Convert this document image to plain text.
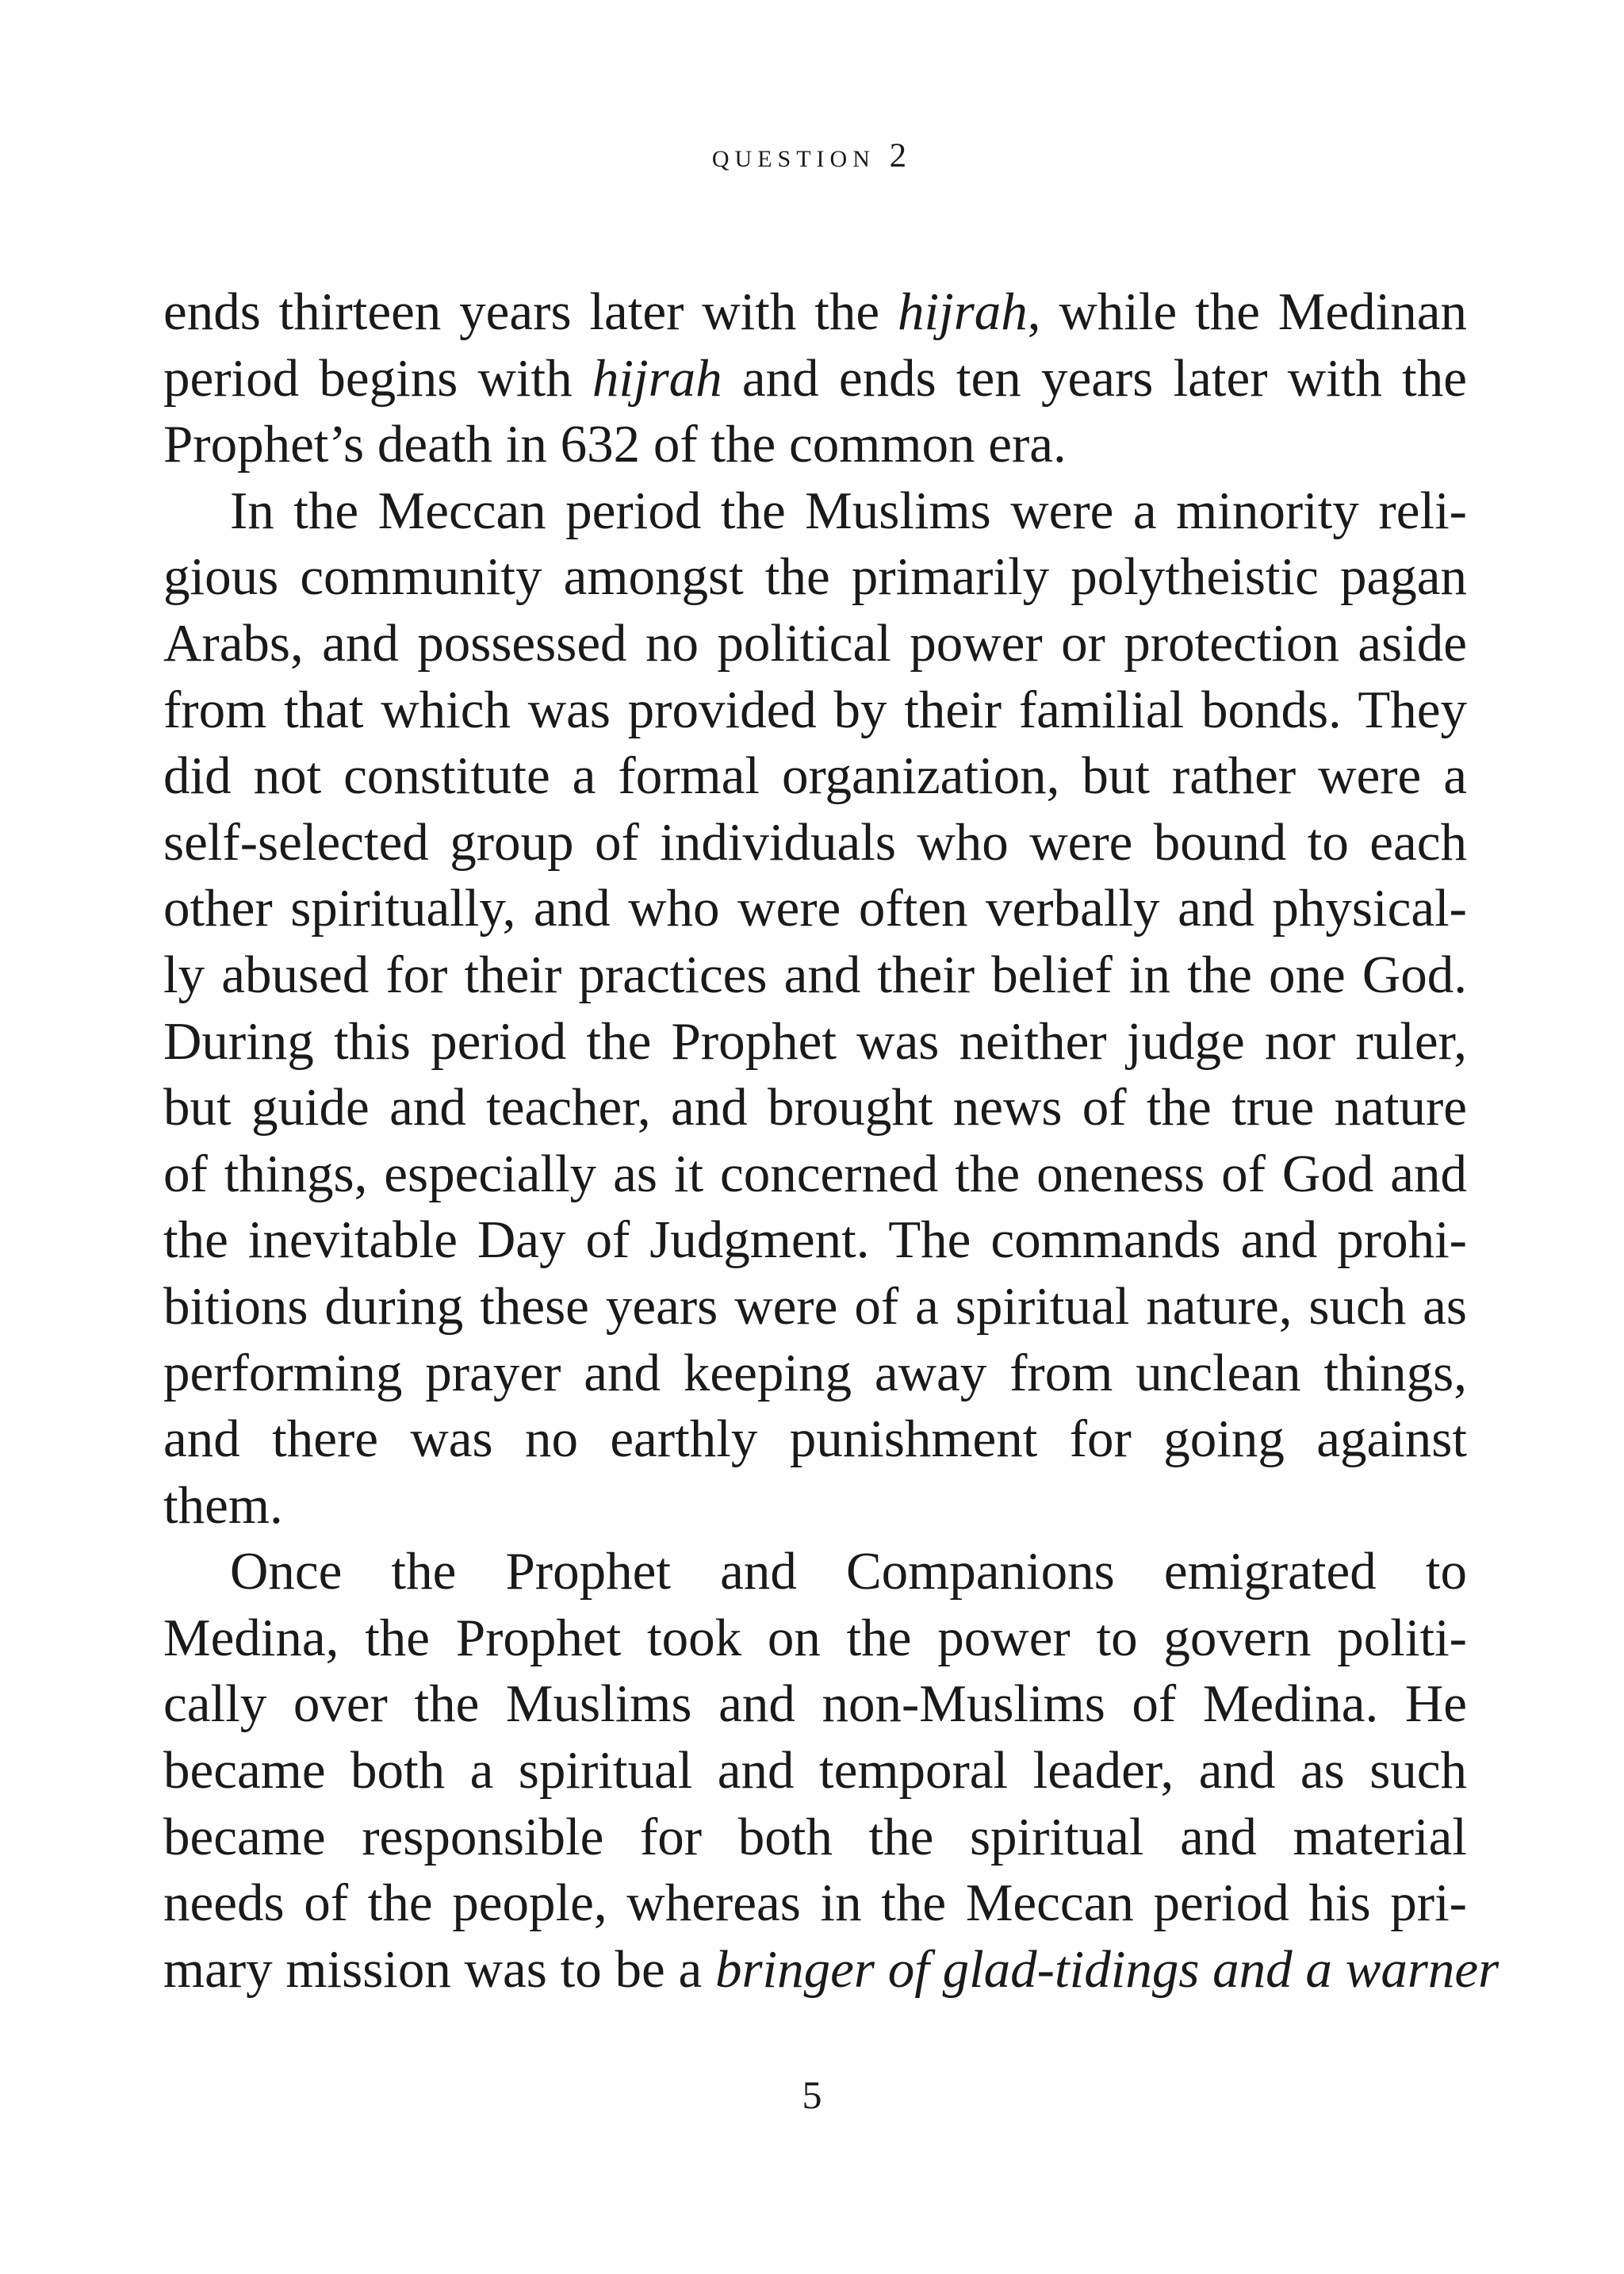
question 2
ends thirteen years later with the hijrah, while the Medinan
period begins with hijrah and ends ten years later with the
Prophet’s death in 632 of the common era.
In the Meccan period the Muslims were a minority reli-
gious community amongst the primarily polytheistic pagan
Arabs, and possessed no political power or protection aside
from that which was provided by their familial bonds. They
did not constitute a formal organization, but rather were a
self-selected group of individuals who were bound to each
other spiritually, and who were often verbally and physical-
ly abused for their practices and their belief in the one God.
During this period the Prophet was neither judge nor ruler,
but guide and teacher, and brought news of the true nature
of things, especially as it concerned the oneness of God and
the inevitable Day of Judgment. The commands and prohi-
bitions during these years were of a spiritual nature, such as
performing prayer and keeping away from unclean things,
and there was no earthly punishment for going against
them.
Once the Prophet and Companions emigrated to
Medina, the Prophet took on the power to govern politi-
cally over the Muslims and non-Muslims of Medina. He
became both a spiritual and temporal leader, and as such
became responsible for both the spiritual and material
needs of the people, whereas in the Meccan period his pri-
mary mission was to be a bringer of glad-tidings and a warner
5
